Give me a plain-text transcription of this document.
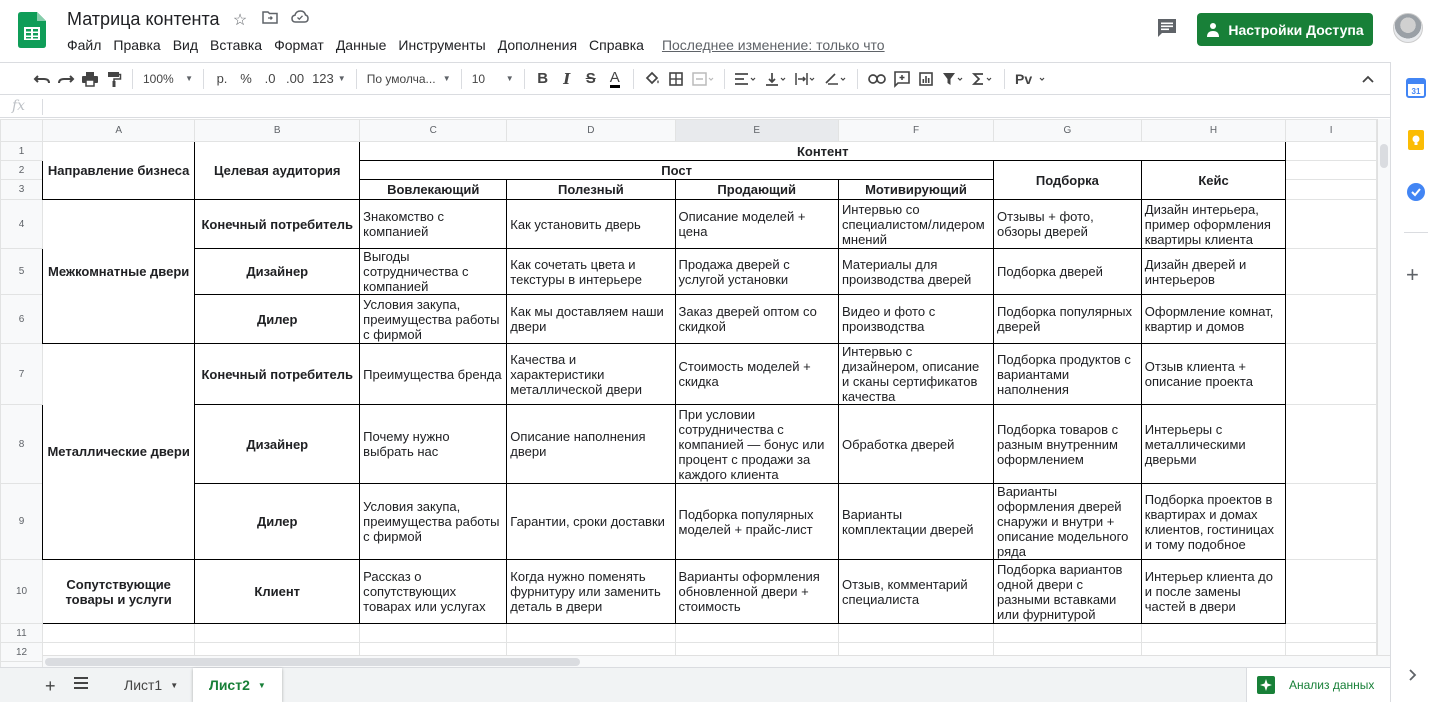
Матрица контента ☆
Файл Правка Вид Вставка Формат Данные Инструменты Дополнения Справка	Последнее изменение: только что
Настройки Доступа
100% ▼	р. % .0 .00 123 ▼ По умолча... ▼ 10	▼ B I S A	Pv
fx
	A	B	C	D	E	F	G	H	I
1	Направление бизнеса	Целевая аудитория	Контент						
2			Пост				Подборка	Кейс	
3			Вовлекающий	Полезный	Продающий	Мотивирующий			
4	Межкомнатные двери	Конечный потребитель	Знакомство с компанией	Как установить дверь	Описание моделей + цена	Интервью со специалистом/лидером мнений	Отзывы + фото, обзоры дверей	Дизайн интерьера, пример оформления квартиры клиента	
5		Дизайнер	Выгоды сотрудничества с компанией	Как сочетать цвета и текстуры в интерьере	Продажа дверей с услугой установки	Материалы для производства дверей	Подборка дверей	Дизайн дверей и интерьеров	
6		Дилер	Условия закупа, преимущества работы с фирмой	Как мы доставляем наши двери	Заказ дверей оптом со скидкой	Видео и фото с производства	Подборка популярных дверей	Оформление комнат, квартир и домов	
7	Металлические двери	Конечный потребитель	Преимущества бренда	Качества и характеристики металлической двери	Стоимость моделей + скидка	Интервью с дизайнером, описание и сканы сертификатов качества	Подборка продуктов с вариантами наполнения	Отзыв клиента + описание проекта	
8		Дизайнер	Почему нужно выбрать нас	Описание наполнения двери	При условии сотрудничества с компанией — бонус или процент с продажи за каждого клиента	Обработка дверей	Подборка товаров с разным внутренним оформлением	Интерьеры с металлическими дверьми	
9		Дилер	Условия закупа, преимущества работы с фирмой	Гарантии, сроки доставки	Подборка популярных моделей + прайс-лист	Варианты комплектации дверей	Варианты оформления дверей снаружи и внутри + описание модельного ряда	Подборка проектов в квартирах и домах клиентов, гостиницах и тому подобное	
10	Сопутствующие товары и услуги	Клиент	Рассказ о сопутствующих товарах или услугах	Когда нужно поменять фурнитуру или заменить деталь в двери	Варианты оформления обновленной двери + стоимость	Отзыв, комментарий специалиста	Подборка вариантов одной двери с разными вставками или фурнитурой	Интерьер клиента до и после замены частей в двери	
11									
12									

+	Лист1 ▼ Лист2 ▼	Анализ данных
31
+
